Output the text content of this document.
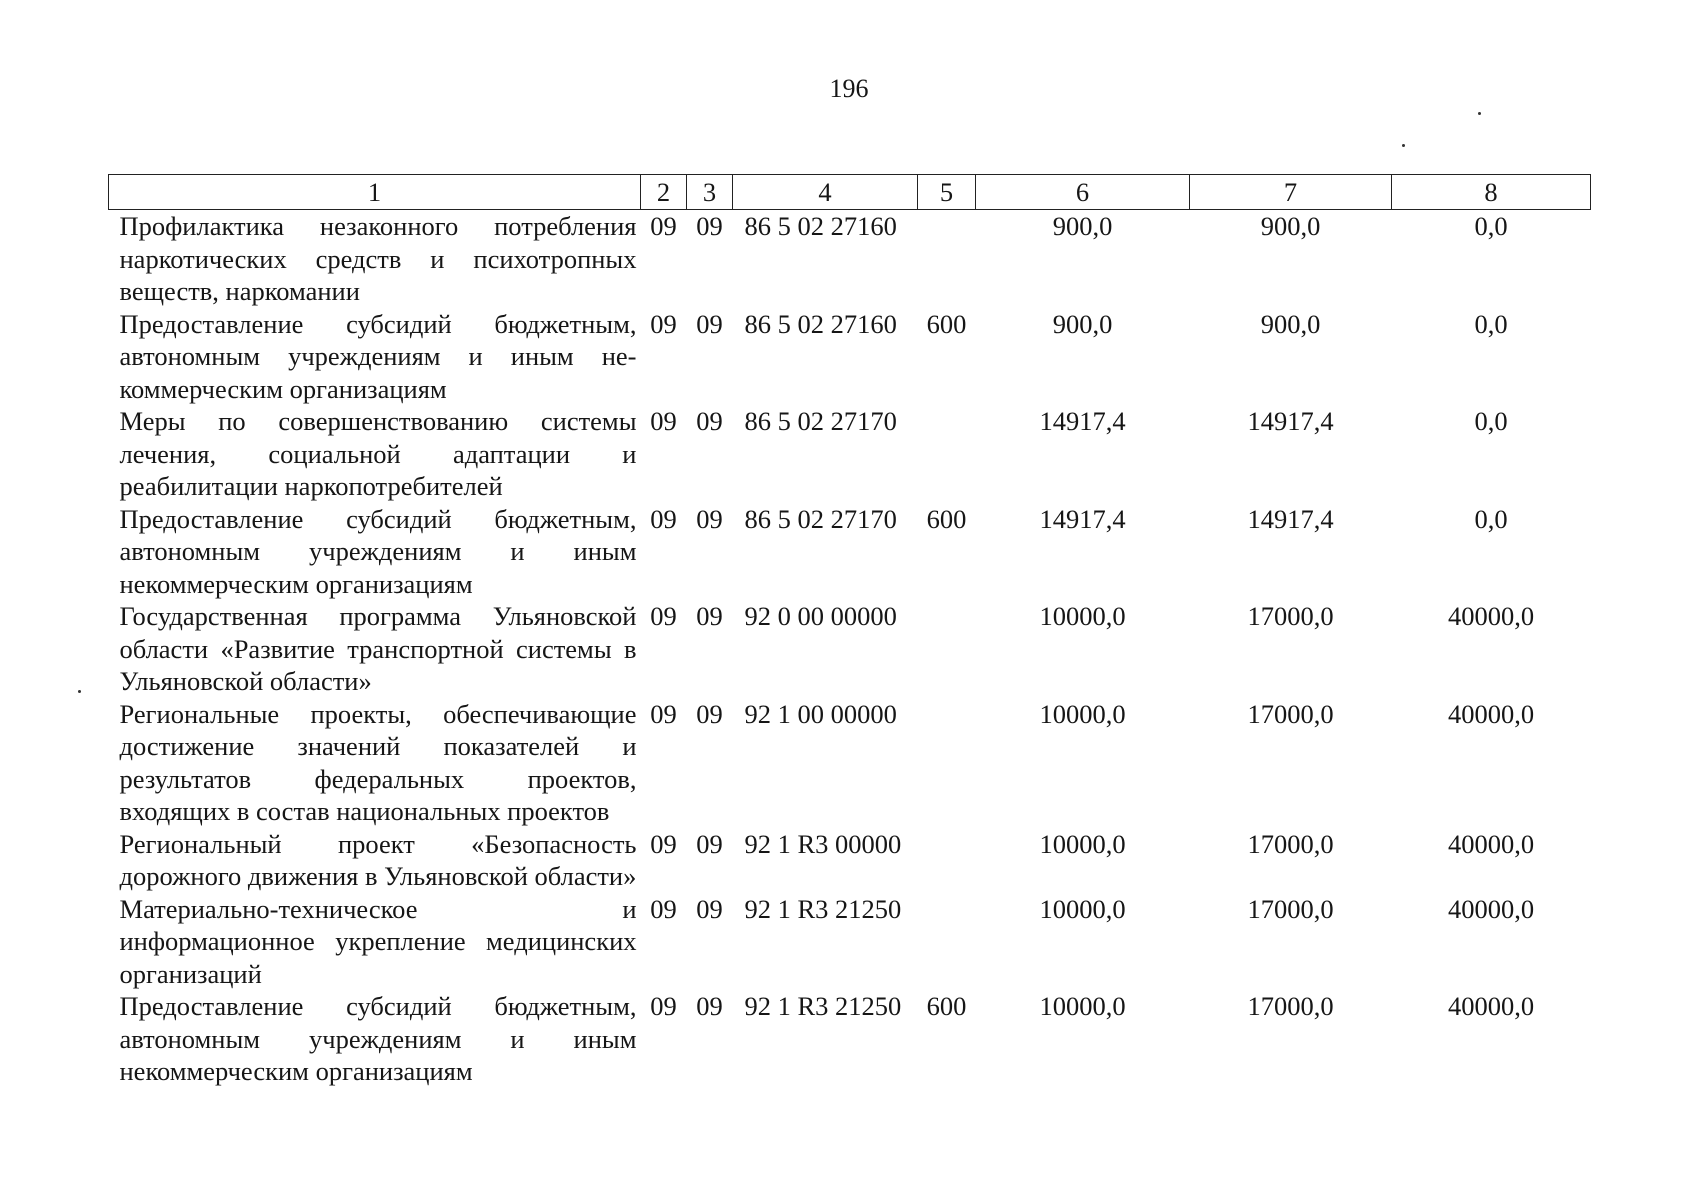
196
1	2	3	4	5	6	7	8
Профилактика незаконного потребления наркотических средств и психотропных веществ, наркомании	09	09	86 5 02 27160		900,0	900,0	0,0
Предоставление субсидий бюджетным, автономным учреждениям и иным некоммерческим организациям	09	09	86 5 02 27160	600	900,0	900,0	0,0
Меры по совершенствованию системы лечения, социальной адаптации и реабилитации наркопотребителей	09	09	86 5 02 27170		14917,4	14917,4	0,0
Предоставление субсидий бюджетным, автономным учреждениям и иным некоммерческим организациям	09	09	86 5 02 27170	600	14917,4	14917,4	0,0
Государственная программа Ульяновской области «Развитие транспортной системы в Ульяновской области»	09	09	92 0 00 00000		10000,0	17000,0	40000,0
Региональные проекты, обеспечивающие достижение значений показателей и результатов федеральных проектов, входящих в состав национальных проектов	09	09	92 1 00 00000		10000,0	17000,0	40000,0
Региональный проект «Безопасность дорожного движения в Ульяновской области»	09	09	92 1 R3 00000		10000,0	17000,0	40000,0
Материально-техническое и информационное укрепление медицинских организаций	09	09	92 1 R3 21250		10000,0	17000,0	40000,0
Предоставление субсидий бюджетным, автономным учреждениям и иным некоммерческим организациям	09	09	92 1 R3 21250	600	10000,0	17000,0	40000,0
